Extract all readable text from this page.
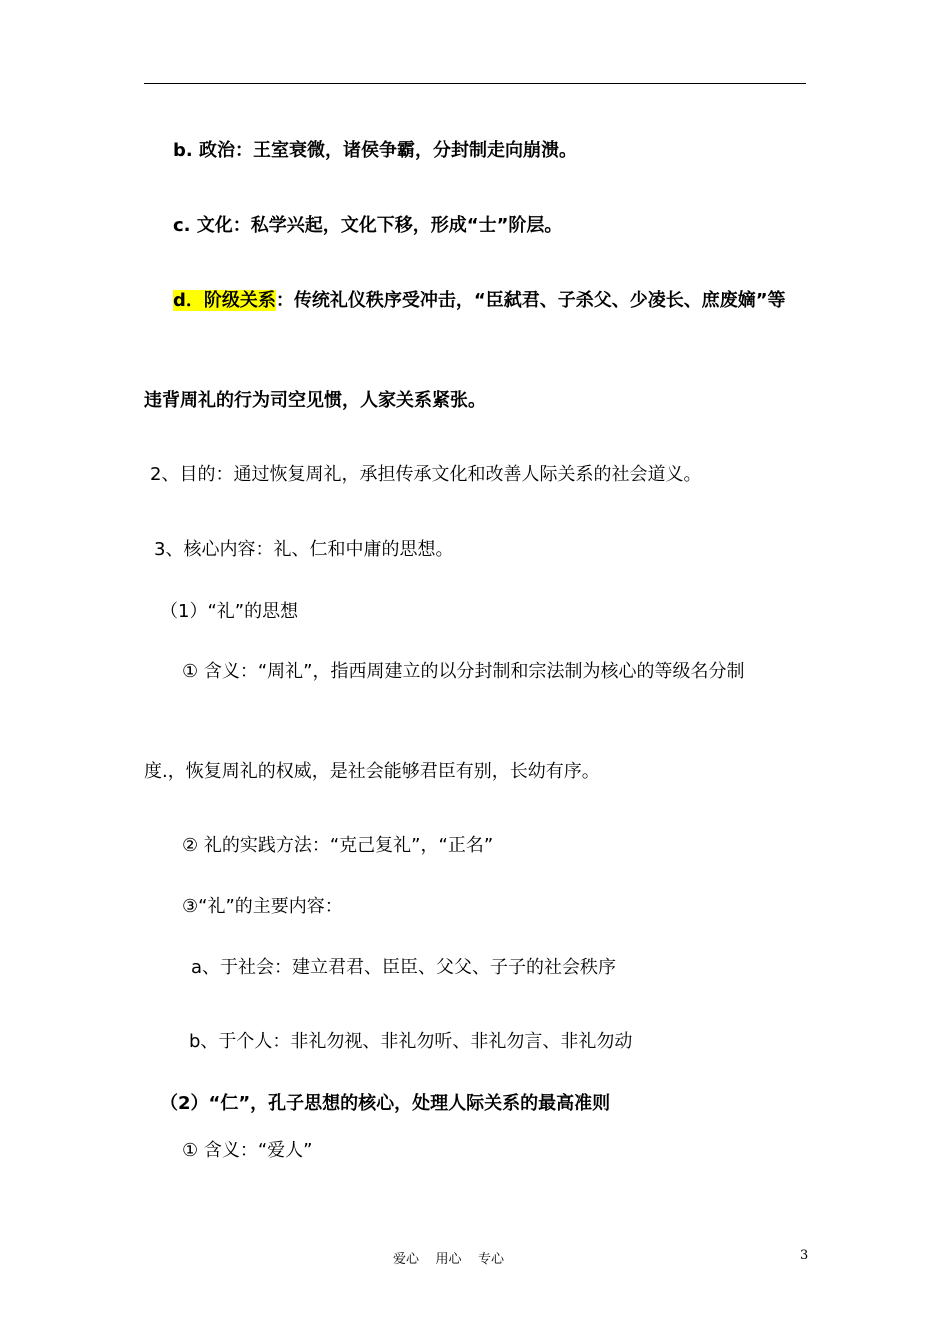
b. 政治：王室衰微，诸侯争霸，分封制走向崩溃。
c. 文化：私学兴起，文化下移，形成“士”阶层。
d．阶级关系：传统礼仪秩序受冲击，“臣弑君、子杀父、少凌长、庶废嫡”等
违背周礼的行为司空见惯，人家关系紧张。
2、目的：通过恢复周礼，承担传承文化和改善人际关系的社会道义。
3、核心内容：礼、仁和中庸的思想。
（1）“礼”的思想
① 含义：“周礼”，指西周建立的以分封制和宗法制为核心的等级名分制
度.，恢复周礼的权威，是社会能够君臣有别，长幼有序。
② 礼的实践方法：“克己复礼”，“正名”
③“礼”的主要内容：
a、于社会：建立君君、臣臣、父父、子子的社会秩序
b、于个人：非礼勿视、非礼勿听、非礼勿言、非礼勿动
（2）“仁”，孔子思想的核心，处理人际关系的最高准则
① 含义：“爱人”
爱心    用心    专心	3
